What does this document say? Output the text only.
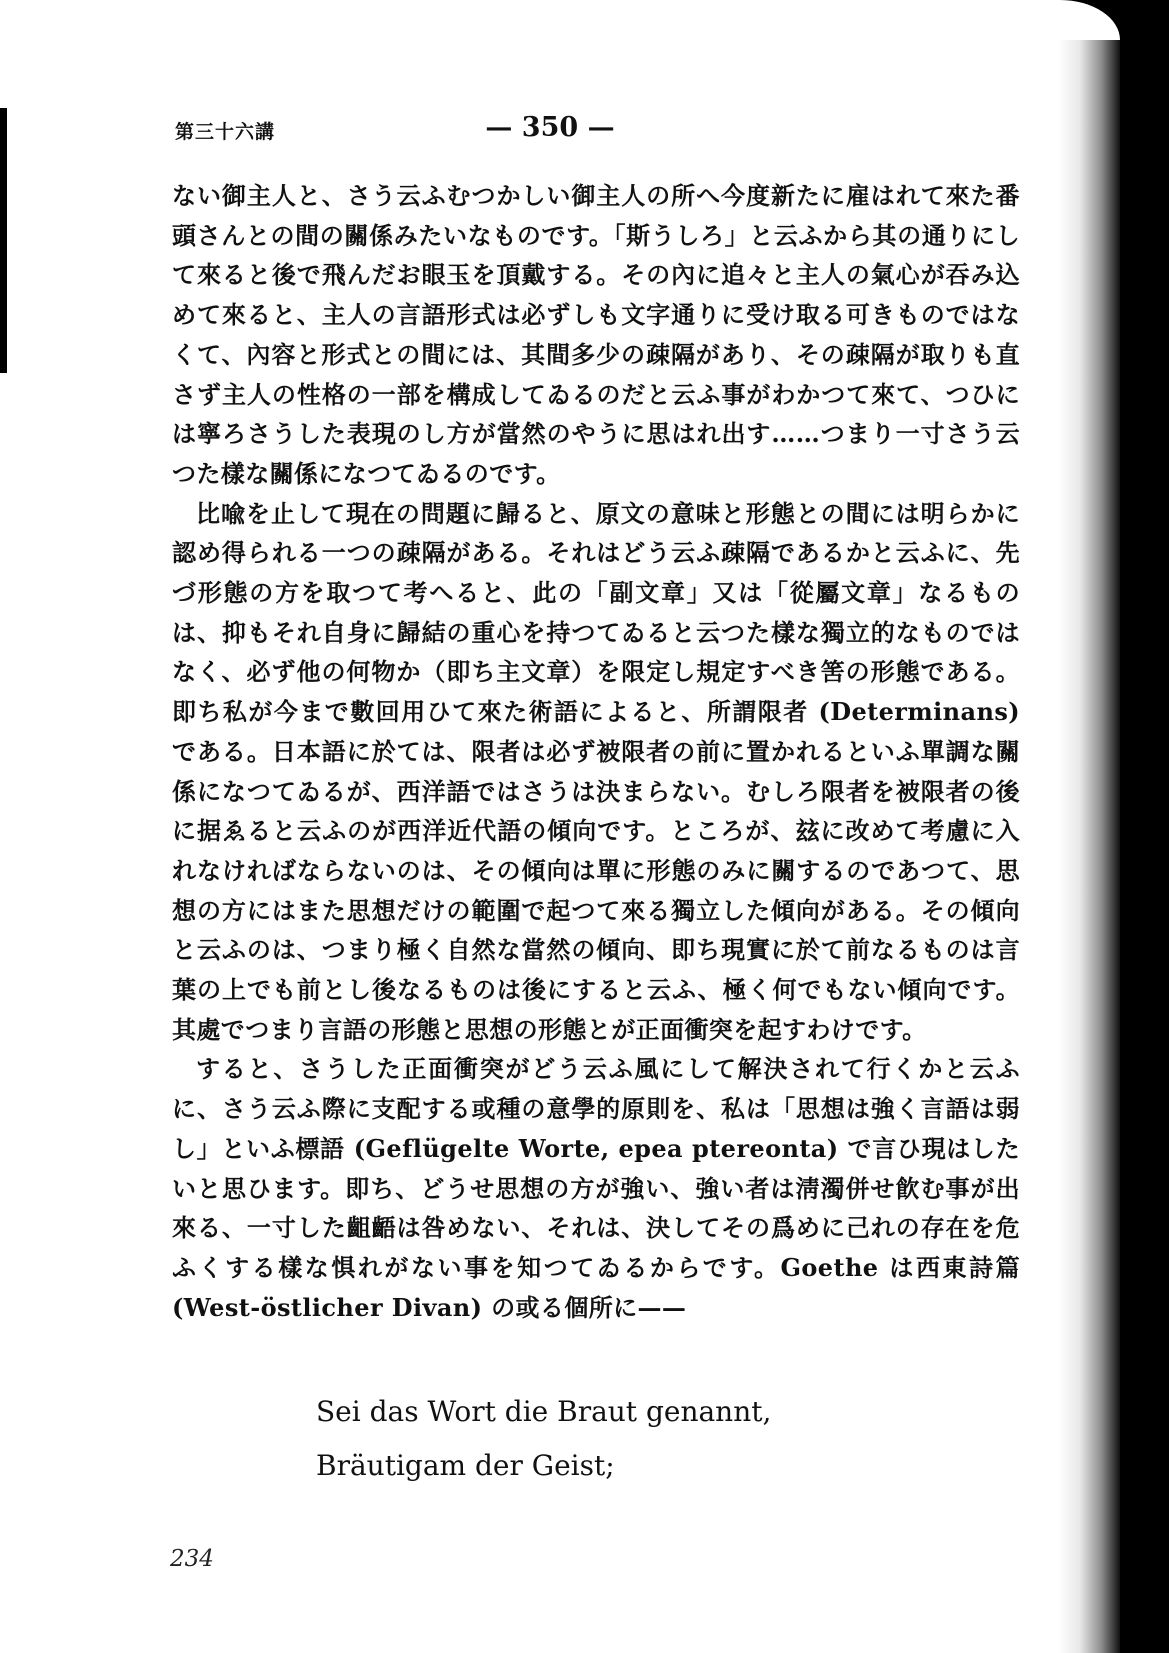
第三十六講	— 350 —

ない御主人と、さう云ふむつかしい御主人の所へ今度新たに雇はれて來た番頭さんとの間の關係みたいなものです。「斯うしろ」と云ふから其の通りにして來ると後で飛んだお眼玉を頂戴する。その內に追々と主人の氣心が吞み込めて來ると、主人の言語形式は必ずしも文字通りに受け取る可きものではなくて、內容と形式との間には、其間多少の疎隔があり、その疎隔が取りも直さず主人の性格の一部を構成してゐるのだと云ふ事がわかつて來て、つひには寧ろさうした表現のし方が當然のやうに思はれ出す……つまり一寸さう云つた樣な關係になつてゐるのです。

比喩を止して現在の問題に歸ると、原文の意味と形態との間には明らかに認め得られる一つの疎隔がある。それはどう云ふ疎隔であるかと云ふに、先づ形態の方を取つて考へると、此の「副文章」又は「從屬文章」なるものは、抑もそれ自身に歸結の重心を持つてゐると云つた樣な獨立的なものではなく、必ず他の何物か（即ち主文章）を限定し規定すべき筈の形態である。即ち私が今まで數回用ひて來た術語によると、所謂限者 (Determinans) である。日本語に於ては、限者は必ず被限者の前に置かれるといふ單調な關係になつてゐるが、西洋語ではさうは決まらない。むしろ限者を被限者の後に据ゑると云ふのが西洋近代語の傾向です。ところが、玆に改めて考慮に入れなければならないのは、その傾向は單に形態のみに關するのであつて、思想の方にはまた思想だけの範圍で起つて來る獨立した傾向がある。その傾向と云ふのは、つまり極く自然な當然の傾向、即ち現實に於て前なるものは言葉の上でも前とし後なるものは後にすると云ふ、極く何でもない傾向です。其處でつまり言語の形態と思想の形態とが正面衝突を起すわけです。

すると、さうした正面衝突がどう云ふ風にして解決されて行くかと云ふに、さう云ふ際に支配する或種の意學的原則を、私は「思想は強く言語は弱し」といふ標語 (Geflügelte Worte, epea ptereonta) で言ひ現はしたいと思ひます。即ち、どうせ思想の方が強い、強い者は淸濁併せ飮む事が出來る、一寸した齟齬は咎めない、それは、決してその爲めに己れの存在を危ふくする樣な惧れがない事を知つてゐるからです。Goethe は西東詩篇 (West-östlicher Divan) の或る個所に——

Sei das Wort die Braut genannt,
Bräutigam der Geist;
234
